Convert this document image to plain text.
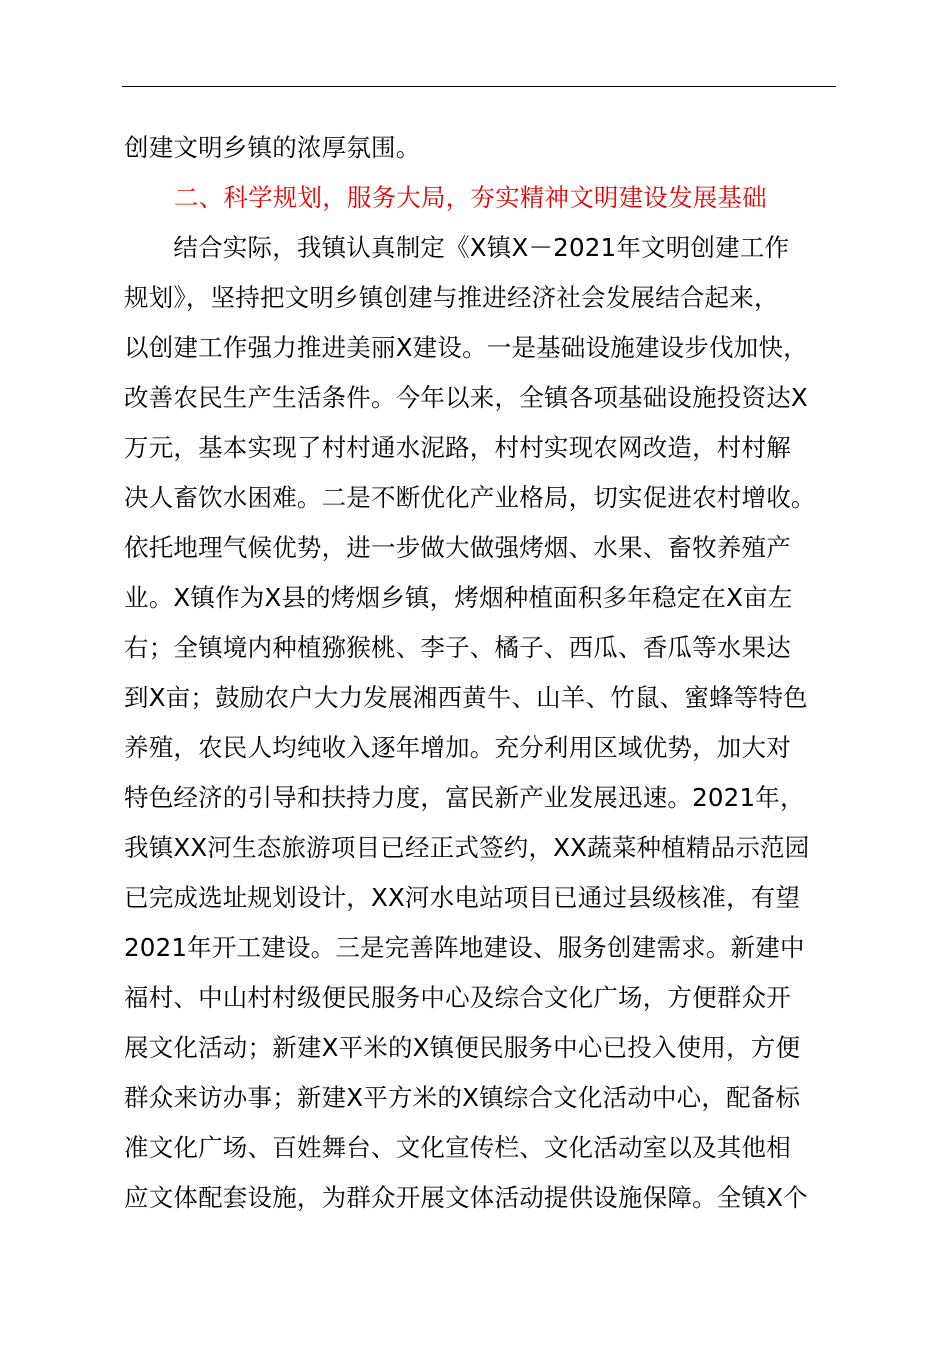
创建文明乡镇的浓厚氛围。
二、科学规划，服务大局，夯实精神文明建设发展基础
　　结合实际，我镇认真制定《X镇X－2021年文明创建工作
规划》，坚持把文明乡镇创建与推进经济社会发展结合起来，
以创建工作强力推进美丽X建设。一是基础设施建设步伐加快，
改善农民生产生活条件。今年以来，全镇各项基础设施投资达X
万元，基本实现了村村通水泥路，村村实现农网改造，村村解
决人畜饮水困难。二是不断优化产业格局，切实促进农村增收。
依托地理气候优势，进一步做大做强烤烟、水果、畜牧养殖产
业。X镇作为X县的烤烟乡镇，烤烟种植面积多年稳定在X亩左
右；全镇境内种植猕猴桃、李子、橘子、西瓜、香瓜等水果达
到X亩；鼓励农户大力发展湘西黄牛、山羊、竹鼠、蜜蜂等特色
养殖，农民人均纯收入逐年增加。充分利用区域优势，加大对
特色经济的引导和扶持力度，富民新产业发展迅速。2021年，
我镇XX河生态旅游项目已经正式签约，XX蔬菜种植精品示范园
已完成选址规划设计，XX河水电站项目已通过县级核准，有望
2021年开工建设。三是完善阵地建设、服务创建需求。新建中
福村、中山村村级便民服务中心及综合文化广场，方便群众开
展文化活动；新建X平米的X镇便民服务中心已投入使用，方便
群众来访办事；新建X平方米的X镇综合文化活动中心，配备标
准文化广场、百姓舞台、文化宣传栏、文化活动室以及其他相
应文体配套设施，为群众开展文体活动提供设施保障。全镇X个
